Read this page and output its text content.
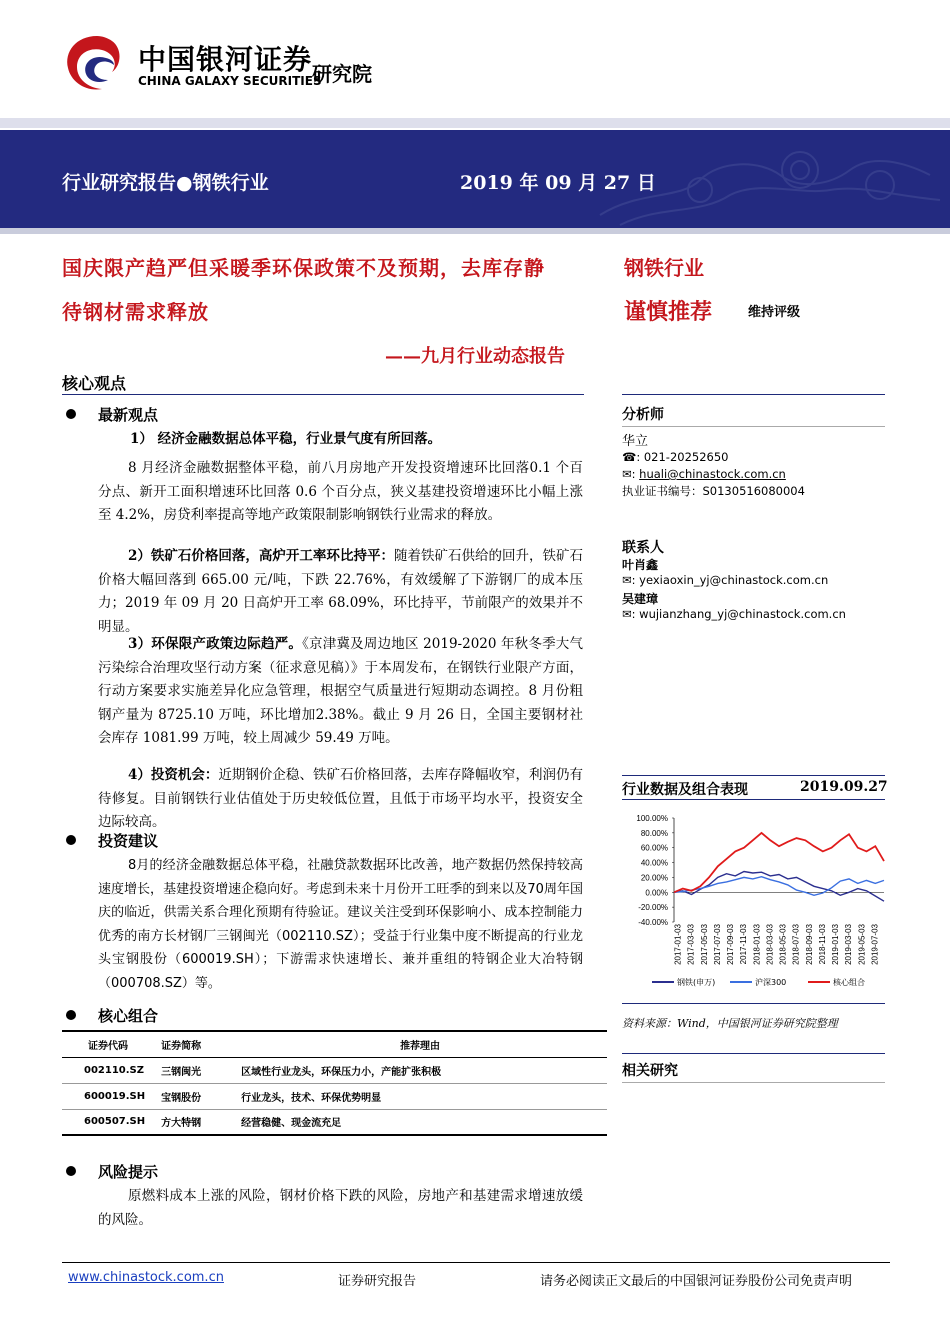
中国银河证券
CHINA GALAXY SECURITIES
研究院
行业研究报告●钢铁行业	2019 年 09 月 27 日
国庆限产趋严但采暖季环保政策不及预期，去库存静
待钢材需求释放
——九月行业动态报告
钢铁行业
谨慎推荐	维持评级
核心观点
最新观点
1） 经济金融数据总体平稳，行业景气度有所回落。
8 月经济金融数据整体平稳，前八月房地产开发投资增速环比回落0.1 个百分点、新开工面积增速环比回落 0.6 个百分点，狭义基建投资增速环比小幅上涨至 4.2%，房贷利率提高等地产政策限制影响钢铁行业需求的释放。
2）铁矿石价格回落，高炉开工率环比持平：随着铁矿石供给的回升，铁矿石价格大幅回落到 665.00 元/吨，下跌 22.76%，有效缓解了下游钢厂的成本压力；2019 年 09 月 20 日高炉开工率 68.09%，环比持平，节前限产的效果并不明显。
3）环保限产政策边际趋严。《京津冀及周边地区 2019-2020 年秋冬季大气污染综合治理攻坚行动方案（征求意见稿）》于本周发布，在钢铁行业限产方面，行动方案要求实施差异化应急管理，根据空气质量进行短期动态调控。8 月份粗钢产量为 8725.10 万吨，环比增加2.38%。截止 9 月 26 日，全国主要钢材社会库存 1081.99 万吨，较上周减少 59.49 万吨。
4）投资机会：近期钢价企稳、铁矿石价格回落，去库存降幅收窄，利润仍有待修复。目前钢铁行业估值处于历史较低位置，且低于市场平均水平，投资安全边际较高。
投资建议
8月的经济金融数据总体平稳，社融贷款数据环比改善，地产数据仍然保持较高速度增长，基建投资增速企稳向好。考虑到未来十月份开工旺季的到来以及70周年国庆的临近，供需关系合理化预期有待验证。建议关注受到环保影响小、成本控制能力优秀的南方长材钢厂三钢闽光（002110.SZ）；受益于行业集中度不断提高的行业龙头宝钢股份（600019.SH）；下游需求快速增长、兼并重组的特钢企业大冶特钢（000708.SZ）等。
核心组合
证券代码	证券简称	推荐理由
002110.SZ	三钢闽光	区域性行业龙头，环保压力小，产能扩张积极
600019.SH	宝钢股份	行业龙头，技术、环保优势明显
600507.SH	方大特钢	经营稳健、现金流充足
风险提示
原燃料成本上涨的风险，钢材价格下跌的风险，房地产和基建需求增速放缓的风险。
分析师
华立
☎: 021-20252650
✉: huali@chinastock.com.cn
执业证书编号：S0130516080004
联系人
叶肖鑫
✉: yexiaoxin_yj@chinastock.com.cn
吴建璋
✉: wujianzhang_yj@chinastock.com.cn
行业数据及组合表现	2019.09.27
100.00%
80.00%
60.00%
40.00%
20.00%
0.00%
-20.00%
-40.00%
2017-01-03 2017-03-03 2017-05-03 2017-07-03 2017-09-03 2017-11-03 2018-01-03 2018-03-03 2018-05-03 2018-07-03 2018-09-03 2018-11-03 2019-01-03 2019-03-03 2019-05-03 2019-07-03
钢铁(申万)	沪深300	核心组合
资料来源：Wind，中国银河证券研究院整理
相关研究
www.chinastock.com.cn	证券研究报告	请务必阅读正文最后的中国银河证券股份公司免责声明
